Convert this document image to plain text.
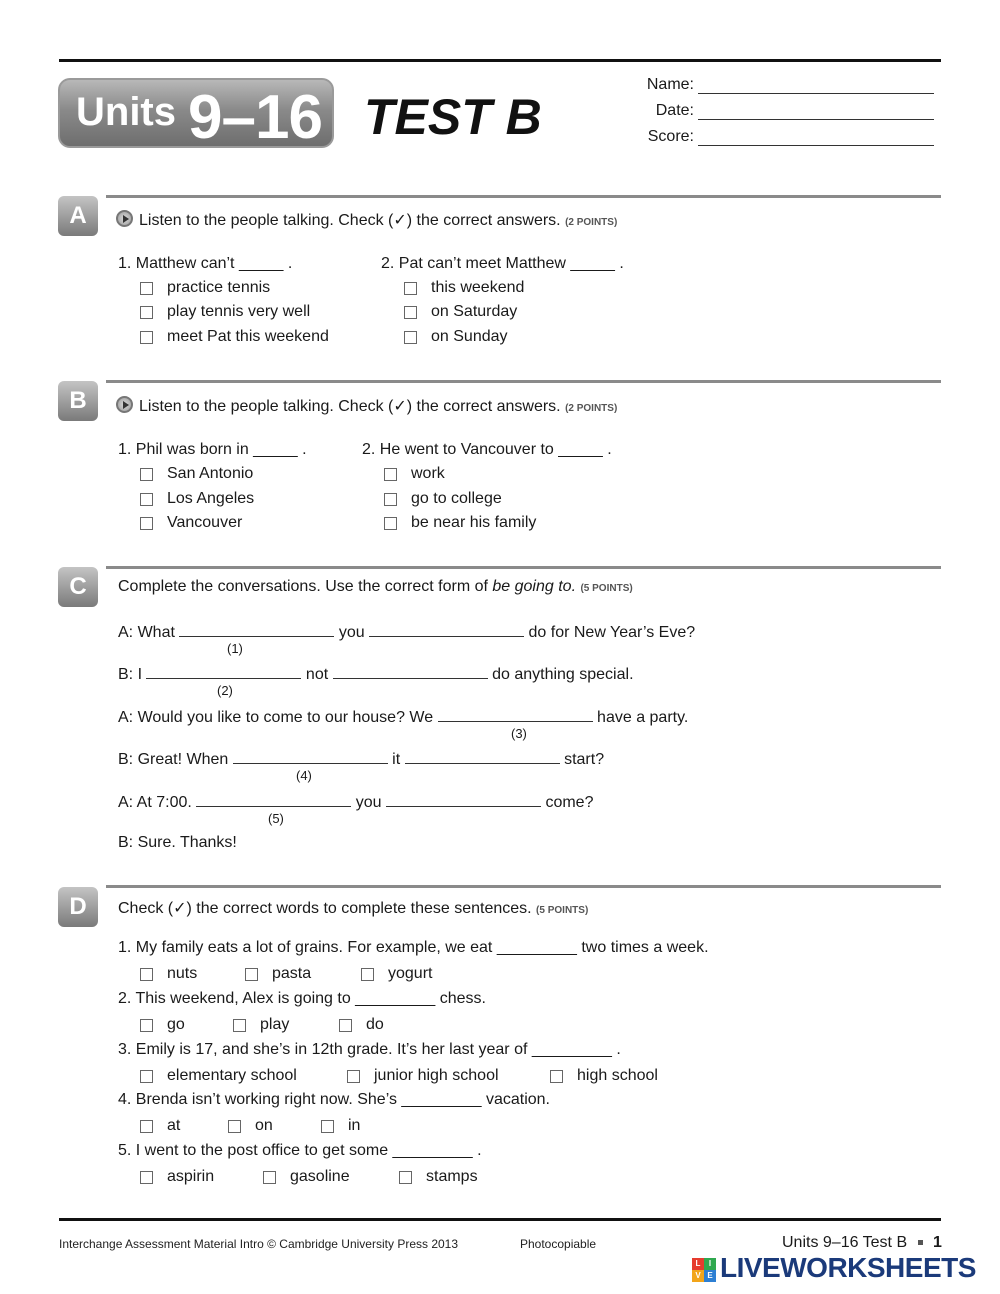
Units 9–16 TEST B
Name:
Date:
Score:
A	Listen to the people talking. Check (✓) the correct answers. (2 POINTS)
1. Matthew can’t _____ .
practice tennis
play tennis very well
meet Pat this weekend
2. Pat can’t meet Matthew _____ .
this weekend
on Saturday
on Sunday
B	Listen to the people talking. Check (✓) the correct answers. (2 POINTS)
1. Phil was born in _____ .
San Antonio
Los Angeles
Vancouver
2. He went to Vancouver to _____ .
work
go to college
be near his family
C	Complete the conversations. Use the correct form of be going to. (5 POINTS)
A: What	you	do for New Year’s Eve?
(1)
B: I	not	do anything special.
(2)
A: Would you like to come to our house? We	have a party.
(3)
B: Great! When	it	start?
(4)
A: At 7:00.	you	come?
(5)
B: Sure. Thanks!
D	Check (✓) the correct words to complete these sentences. (5 POINTS)
1. My family eats a lot of grains. For example, we eat _________ two times a week.
nuts	pasta	yogurt
2. This weekend, Alex is going to _________ chess.
go	play	do
3. Emily is 17, and she’s in 12th grade. It’s her last year of _________ .
elementary school	junior high school	high school
4. Brenda isn’t working right now. She’s _________ vacation.
at	on	in
5. I went to the post office to get some _________ .
aspirin	gasoline	stamps
Interchange Assessment Material Intro © Cambridge University Press 2013	Photocopiable	Units 9–16 Test B 1
L	I
V E LIVEWORKSHEETS
